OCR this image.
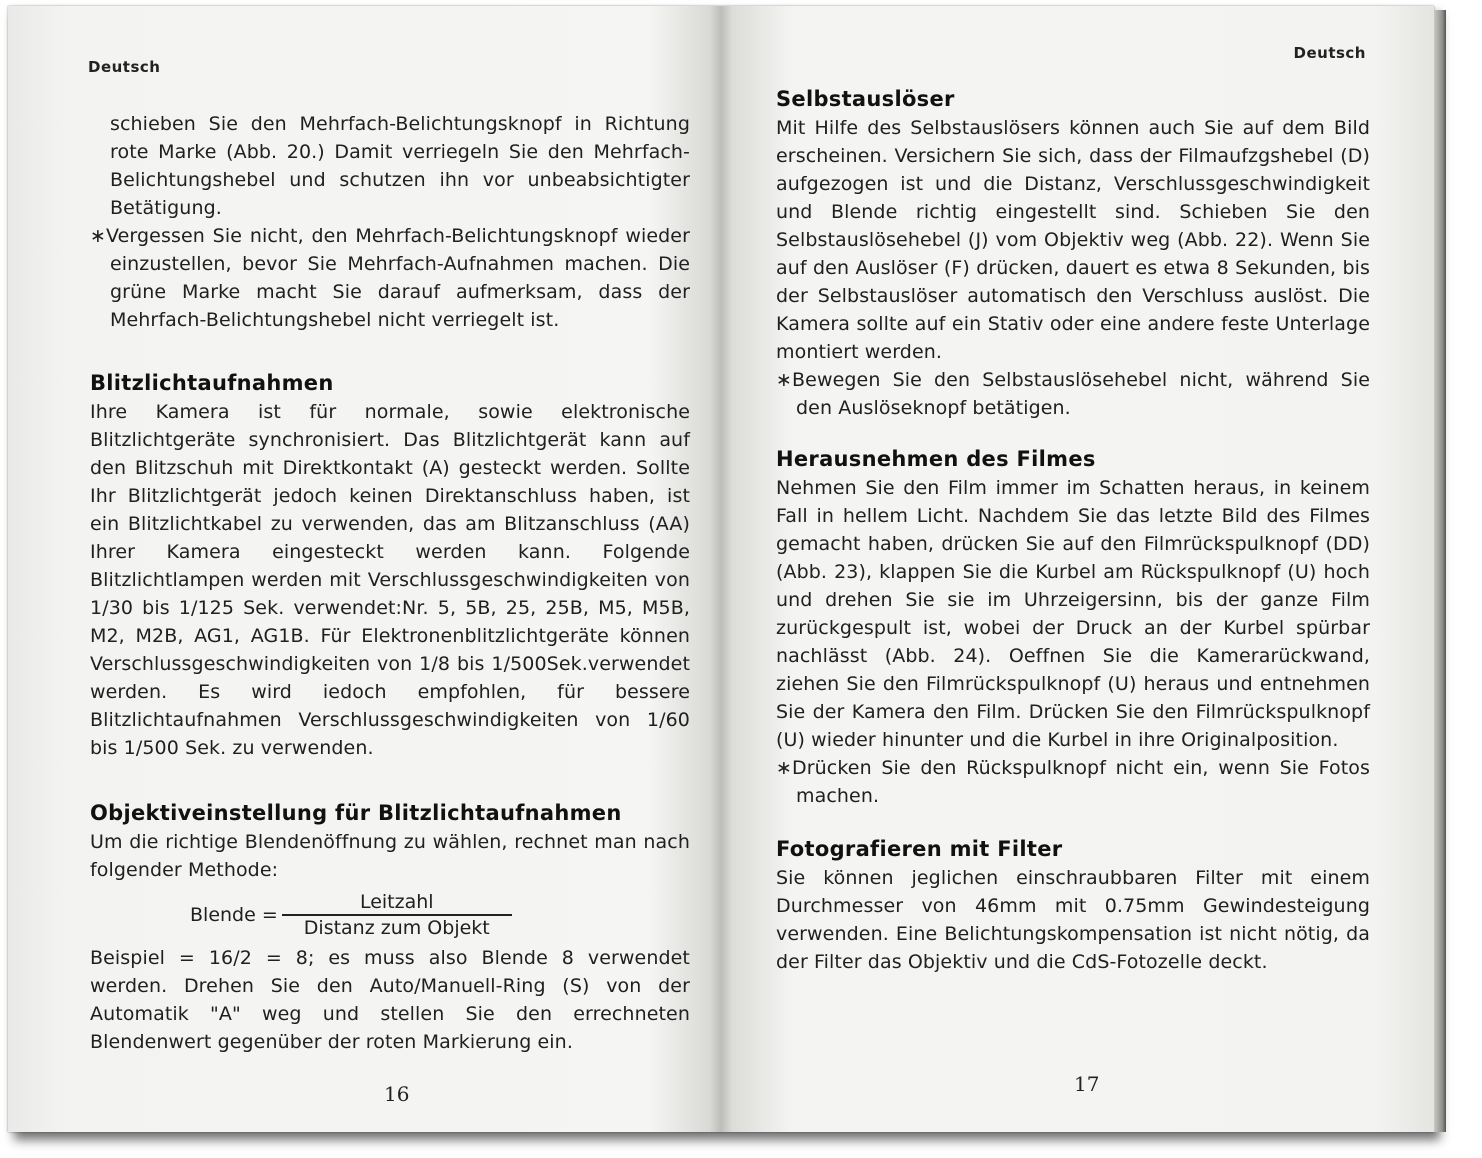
Deutsch

schieben Sie den Mehrfach-Belichtungsknopf in Richtung rote Marke (Abb. 20.) Damit verriegeln Sie den Mehrfach-Belichtungshebel und schutzen ihn vor unbeabsichtigter Betätigung.

∗Vergessen Sie nicht, den Mehrfach-Belichtungsknopf wieder einzustellen, bevor Sie Mehrfach-Aufnahmen machen. Die grüne Marke macht Sie darauf aufmerksam, dass der Mehrfach-Belichtungshebel nicht verriegelt ist.

Blitzlichtaufnahmen

Ihre Kamera ist für normale, sowie elektronische Blitzlichtgeräte synchronisiert. Das Blitzlichtgerät kann auf den Blitzschuh mit Direktkontakt (A) gesteckt werden. Sollte Ihr Blitzlichtgerät jedoch keinen Direktanschluss haben, ist ein Blitzlichtkabel zu verwenden, das am Blitzanschluss (AA) Ihrer Kamera eingesteckt werden kann. Folgende Blitzlichtlampen werden mit Verschlussgeschwindigkeiten von 1/30 bis 1/125 Sek. verwendet:Nr. 5, 5B, 25, 25B, M5, M5B, M2, M2B, AG1, AG1B. Für Elektronenblitzlichtgeräte können Verschlussgeschwindigkeiten von 1/8 bis 1/500Sek.verwendet werden. Es wird iedoch empfohlen, für bessere Blitzlichtaufnahmen Verschlussgeschwindigkeiten von 1/60 bis 1/500 Sek. zu verwenden.

Objektiveinstellung für Blitzlichtaufnahmen

Um die richtige Blendenöffnung zu wählen, rechnet man nach folgender Methode:

Blende = $\frac{\text{Leitzahl}}{\text{Distanz zum Objekt}}$

Beispiel = 16/2 = 8; es muss also Blende 8 verwendet werden. Drehen Sie den Auto/Manuell-Ring (S) von der Automatik "A" weg und stellen Sie den errechneten Blendenwert gegenüber der roten Markierung ein.

16
Deutsch
Selbstauslöser

Mit Hilfe des Selbstauslösers können auch Sie auf dem Bild erscheinen. Versichern Sie sich, dass der Filmaufzgshebel (D) aufgezogen ist und die Distanz, Verschlussgeschwindigkeit und Blende richtig eingestellt sind. Schieben Sie den Selbstauslösehebel (J) vom Objektiv weg (Abb. 22). Wenn Sie auf den Auslöser (F) drücken, dauert es etwa 8 Sekunden, bis der Selbstauslöser automatisch den Verschluss auslöst. Die Kamera sollte auf ein Stativ oder eine andere feste Unterlage montiert werden.

∗Bewegen Sie den Selbstauslösehebel nicht, während Sie den Auslöseknopf betätigen.

Herausnehmen des Filmes

Nehmen Sie den Film immer im Schatten heraus, in keinem Fall in hellem Licht. Nachdem Sie das letzte Bild des Filmes gemacht haben, drücken Sie auf den Filmrückspulknopf (DD) (Abb. 23), klappen Sie die Kurbel am Rückspulknopf (U) hoch und drehen Sie sie im Uhrzeigersinn, bis der ganze Film zurückgespult ist, wobei der Druck an der Kurbel spürbar nachlässt (Abb. 24). Oeffnen Sie die Kamerarückwand, ziehen Sie den Filmrückspulknopf (U) heraus und entnehmen Sie der Kamera den Film. Drücken Sie den Filmrückspulknopf (U) wieder hinunter und die Kurbel in ihre Originalposition.

∗Drücken Sie den Rückspulknopf nicht ein, wenn Sie Fotos machen.

Fotografieren mit Filter

Sie können jeglichen einschraubbaren Filter mit einem Durchmesser von 46mm mit 0.75mm Gewindesteigung verwenden. Eine Belichtungskompensation ist nicht nötig, da der Filter das Objektiv und die CdS-Fotozelle deckt.

17
